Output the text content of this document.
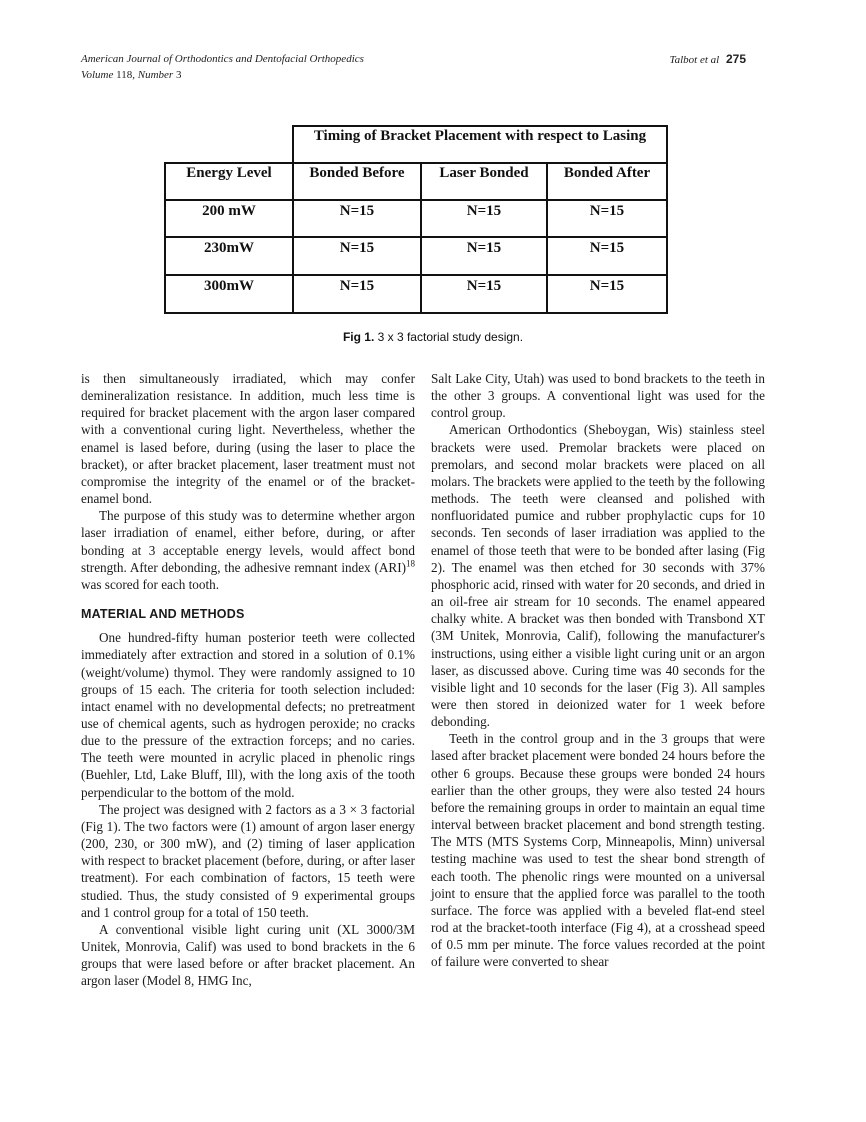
American Journal of Orthodontics and Dentofacial Orthopedics
Volume 118, Number 3
Talbot et al 275
Timing of Bracket Placement with respect to Lasing
Energy Level	Bonded Before	Laser Bonded	Bonded After
200 mW	N=15	N=15	N=15
230mW	N=15	N=15	N=15
300mW	N=15	N=15	N=15
Fig 1. 3 x 3 factorial study design.

is then simultaneously irradiated, which may confer demineralization resistance. In addition, much less time is required for bracket placement with the argon laser compared with a conventional curing light. Nevertheless, whether the enamel is lased before, during (using the laser to place the bracket), or after bracket placement, laser treatment must not compromise the integrity of the enamel or of the bracket-enamel bond.

The purpose of this study was to determine whether argon laser irradiation of enamel, either before, during, or after bonding at 3 acceptable energy levels, would affect bond strength. After debonding, the adhesive remnant index (ARI)$^{18}$ was scored for each tooth.

MATERIAL AND METHODS

One hundred-fifty human posterior teeth were collected immediately after extraction and stored in a solution of 0.1% (weight/volume) thymol. They were randomly assigned to 10 groups of 15 each. The criteria for tooth selection included: intact enamel with no developmental defects; no pretreatment use of chemical agents, such as hydrogen peroxide; no cracks due to the pressure of the extraction forceps; and no caries. The teeth were mounted in acrylic placed in phenolic rings (Buehler, Ltd, Lake Bluff, Ill), with the long axis of the tooth perpendicular to the bottom of the mold.

The project was designed with 2 factors as a 3 × 3 factorial (Fig 1). The two factors were (1) amount of argon laser energy (200, 230, or 300 mW), and (2) timing of laser application with respect to bracket placement (before, during, or after laser treatment). For each combination of factors, 15 teeth were studied. Thus, the study consisted of 9 experimental groups and 1 control group for a total of 150 teeth.

A conventional visible light curing unit (XL 3000/3M Unitek, Monrovia, Calif) was used to bond brackets in the 6 groups that were lased before or after bracket placement. An argon laser (Model 8, HMG Inc,

Salt Lake City, Utah) was used to bond brackets to the teeth in the other 3 groups. A conventional light was used for the control group.

American Orthodontics (Sheboygan, Wis) stainless steel brackets were used. Premolar brackets were placed on premolars, and second molar brackets were placed on all molars. The brackets were applied to the teeth by the following methods. The teeth were cleansed and polished with nonfluoridated pumice and rubber prophylactic cups for 10 seconds. Ten seconds of laser irradiation was applied to the enamel of those teeth that were to be bonded after lasing (Fig 2). The enamel was then etched for 30 seconds with 37% phosphoric acid, rinsed with water for 20 seconds, and dried in an oil-free air stream for 10 seconds. The enamel appeared chalky white. A bracket was then bonded with Transbond XT (3M Unitek, Monrovia, Calif), following the manufacturer's instructions, using either a visible light curing unit or an argon laser, as discussed above. Curing time was 40 seconds for the visible light and 10 seconds for the laser (Fig 3). All samples were then stored in deionized water for 1 week before debonding.

Teeth in the control group and in the 3 groups that were lased after bracket placement were bonded 24 hours before the other 6 groups. Because these groups were bonded 24 hours earlier than the other groups, they were also tested 24 hours before the remaining groups in order to maintain an equal time interval between bracket placement and bond strength testing. The MTS (MTS Systems Corp, Minneapolis, Minn) universal testing machine was used to test the shear bond strength of each tooth. The phenolic rings were mounted on a universal joint to ensure that the applied force was parallel to the tooth surface. The force was applied with a beveled flat-end steel rod at the bracket-tooth interface (Fig 4), at a crosshead speed of 0.5 mm per minute. The force values recorded at the point of failure were converted to shear
